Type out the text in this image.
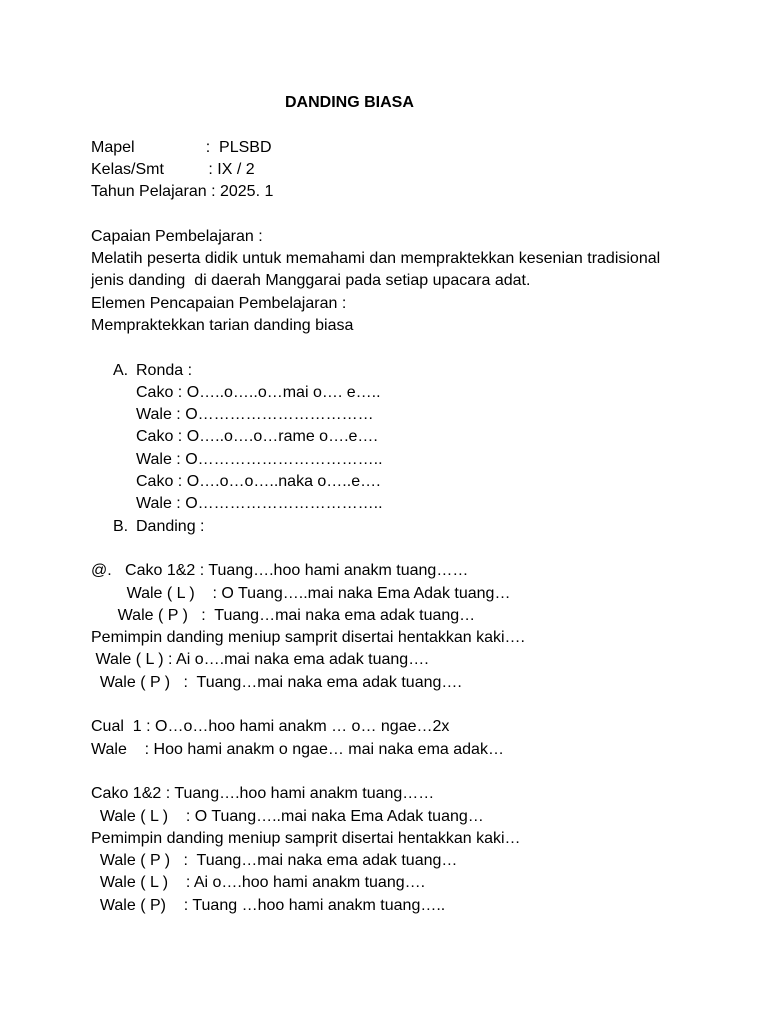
DANDING BIASA
Mapel                :  PLSBD
Kelas/Smt          : IX / 2
Tahun Pelajaran : 2025. 1
Capaian Pembelajaran :
Melatih peserta didik untuk memahami dan mempraktekkan kesenian tradisional
jenis danding  di daerah Manggarai pada setiap upacara adat.
Elemen Pencapaian Pembelajaran :
Mempraktekkan tarian danding biasa
A. Ronda :
Cako : O…..o…..o…mai o…. e…..
Wale : O……………………………
Cako : O…..o….o…rame o….e….
Wale : O……………………………..
Cako : O….o…o…..naka o…..e….
Wale : O……………………………..
B. Danding :
@.   Cako 1&2 : Tuang….hoo hami anakm tuang……
Wale ( L )    : O Tuang…..mai naka Ema Adak tuang…
Wale ( P )   :  Tuang…mai naka ema adak tuang…
Pemimpin danding meniup samprit disertai hentakkan kaki….
Wale ( L ) : Ai o….mai naka ema adak tuang….
Wale ( P )   :  Tuang…mai naka ema adak tuang….
Cual  1 : O…o…hoo hami anakm … o… ngae…2x
Wale    : Hoo hami anakm o ngae… mai naka ema adak…
Cako 1&2 : Tuang….hoo hami anakm tuang……
Wale ( L )    : O Tuang…..mai naka Ema Adak tuang…
Pemimpin danding meniup samprit disertai hentakkan kaki…
Wale ( P )   :  Tuang…mai naka ema adak tuang…
Wale ( L )    : Ai o….hoo hami anakm tuang….
Wale ( P)    : Tuang …hoo hami anakm tuang…..
